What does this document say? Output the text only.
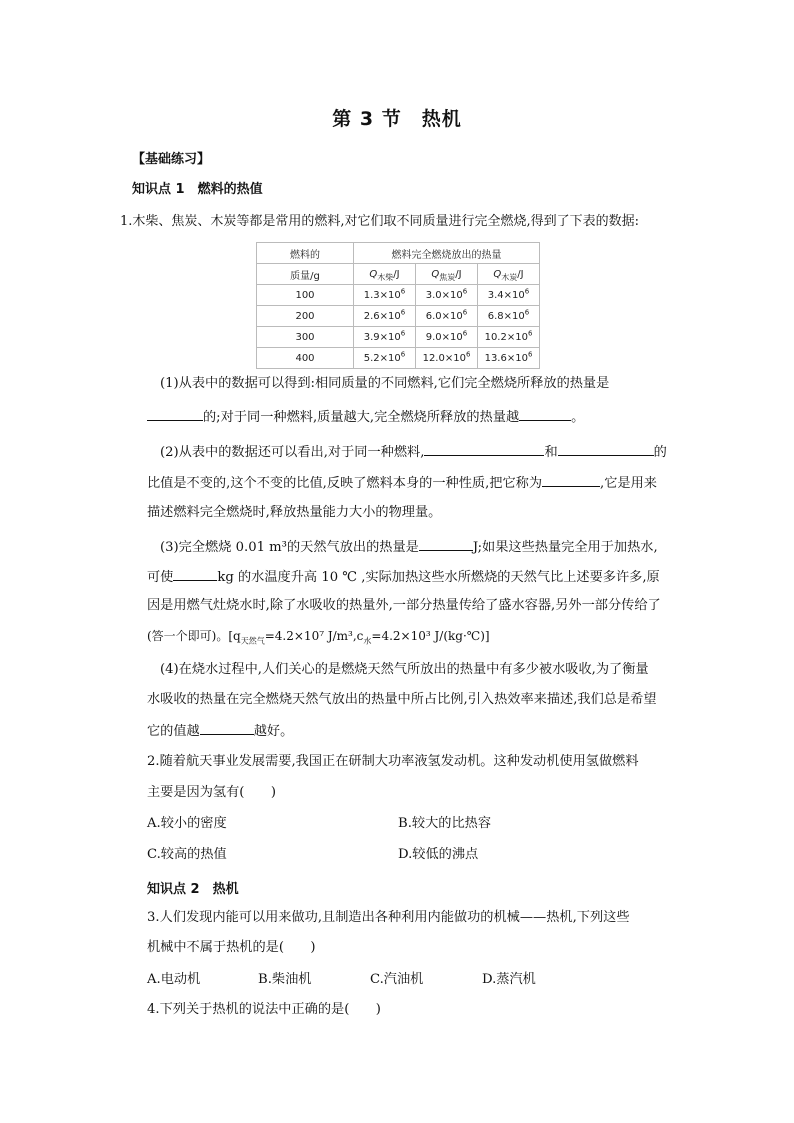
第 3 节　热机
【基础练习】
知识点 1　燃料的热值
1.木柴、焦炭、木炭等都是常用的燃料,对它们取不同质量进行完全燃烧,得到了下表的数据:
燃料的	燃料完全燃烧放出的热量		
质量/g	$Q_{木柴}/J$	$Q_{焦炭}/J$	$Q_{木炭}/J$
100	$1.3\times 10^6$	$3.0\times 10^6$	$3.4\times 10^6$
200	$2.6\times 10^6$	$6.0\times 10^6$	$6.8\times 10^6$
300	$3.9\times 10^6$	$9.0\times 10^6$	$10.2\times 10^6$
400	$5.2\times 10^6$	$12.0\times 10^6$	$13.6\times 10^6$
(1)从表中的数据可以得到:相同质量的不同燃料,它们完全燃烧所释放的热量是
的;对于同一种燃料,质量越大,完全燃烧所释放的热量越	。
(2)从表中的数据还可以看出,对于同一种燃料,	和	的
比值是不变的,这个不变的比值,反映了燃料本身的一种性质,把它称为	,它是用来
描述燃料完全燃烧时,释放热量能力大小的物理量。
(3)完全燃烧 0.01 m³的天然气放出的热量是	J;如果这些热量完全用于加热水,
可使	kg 的水温度升高 10 ℃ ,实际加热这些水所燃烧的天然气比上述要多许多,原
因是用燃气灶烧水时,除了水吸收的热量外,一部分热量传给了盛水容器,另外一部分传给了
(答一个即可)。[$q_{天然气}=4.2\times 10^7$ $J/m^3,c_水=4.2\times 10^3$ J/(kg·℃)]
(4)在烧水过程中,人们关心的是燃烧天然气所放出的热量中有多少被水吸收,为了衡量
水吸收的热量在完全燃烧天然气放出的热量中所占比例,引入热效率来描述,我们总是希望
它的值越	越好。
2.随着航天事业发展需要,我国正在研制大功率液氢发动机。这种发动机使用氢做燃料
主要是因为氢有(　　)
A.较小的密度	B.较大的比热容
C.较高的热值	D.较低的沸点
知识点 2　热机
3.人们发现内能可以用来做功,且制造出各种利用内能做功的机械——热机,下列这些
机械中不属于热机的是(　　)
A.电动机	B.柴油机	C.汽油机	D.蒸汽机
4.下列关于热机的说法中正确的是(　　)
